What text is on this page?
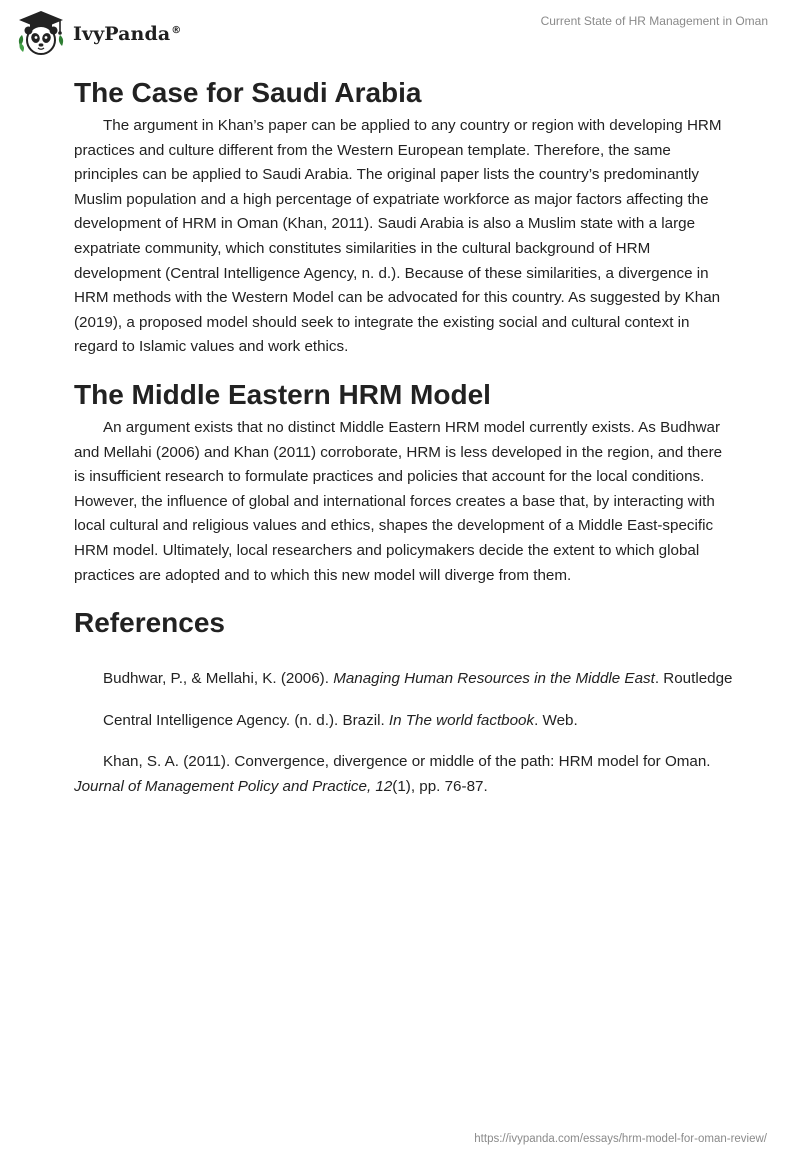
IvyPanda®
Current State of HR Management in Oman
The Case for Saudi Arabia

The argument in Khan’s paper can be applied to any country or region with developing HRM practices and culture different from the Western European template. Therefore, the same principles can be applied to Saudi Arabia. The original paper lists the country’s predominantly Muslim population and a high percentage of expatriate workforce as major factors affecting the development of HRM in Oman (Khan, 2011). Saudi Arabia is also a Muslim state with a large expatriate community, which constitutes similarities in the cultural background of HRM development (Central Intelligence Agency, n. d.). Because of these similarities, a divergence in HRM methods with the Western Model can be advocated for this country. As suggested by Khan (2019), a proposed model should seek to integrate the existing social and cultural context in regard to Islamic values and work ethics.

The Middle Eastern HRM Model

An argument exists that no distinct Middle Eastern HRM model currently exists. As Budhwar and Mellahi (2006) and Khan (2011) corroborate, HRM is less developed in the region, and there is insufficient research to formulate practices and policies that account for the local conditions. However, the influence of global and international forces creates a base that, by interacting with local cultural and religious values and ethics, shapes the development of a Middle East-specific HRM model. Ultimately, local researchers and policymakers decide the extent to which global practices are adopted and to which this new model will diverge from them.

References

Budhwar, P., & Mellahi, K. (2006). Managing Human Resources in the Middle East. Routledge

Central Intelligence Agency. (n. d.). Brazil. In The world factbook. Web.

Khan, S. A. (2011). Convergence, divergence or middle of the path: HRM model for Oman. Journal of Management Policy and Practice, 12(1), pp. 76-87.

https://ivypanda.com/essays/hrm-model-for-oman-review/
